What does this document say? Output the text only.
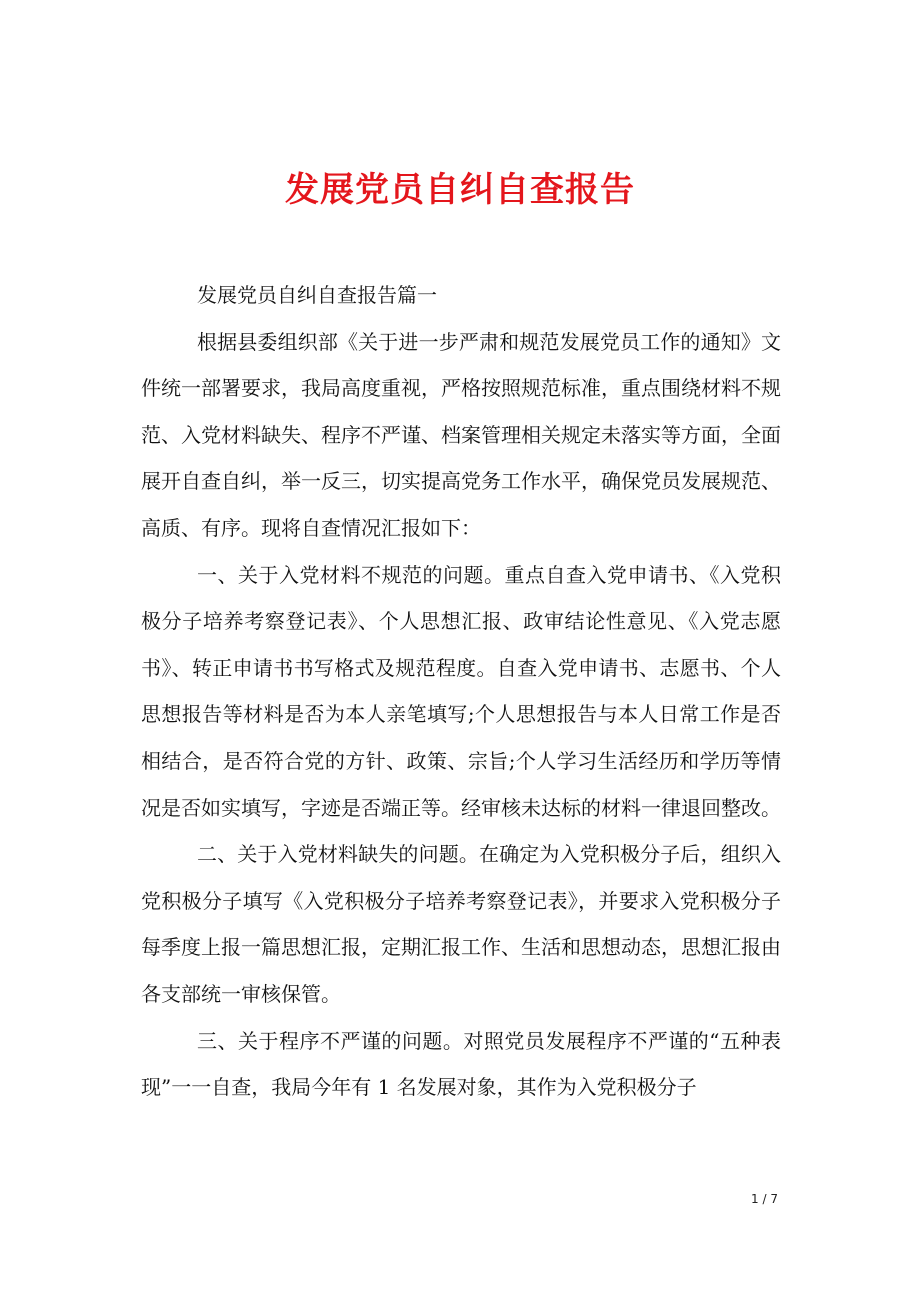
发展党员自纠自查报告

发展党员自纠自查报告篇一

根据县委组织部《关于进一步严肃和规范发展党员工作的通知》文件统一部署要求，我局高度重视，严格按照规范标准，重点围绕材料不规范、入党材料缺失、程序不严谨、档案管理相关规定未落实等方面，全面展开自查自纠，举一反三，切实提高党务工作水平，确保党员发展规范、高质、有序。现将自查情况汇报如下：

一、关于入党材料不规范的问题。重点自查入党申请书、《入党积极分子培养考察登记表》、个人思想汇报、政审结论性意见、《入党志愿书》、转正申请书书写格式及规范程度。自查入党申请书、志愿书、个人思想报告等材料是否为本人亲笔填写;个人思想报告与本人日常工作是否相结合，是否符合党的方针、政策、宗旨;个人学习生活经历和学历等情况是否如实填写，字迹是否端正等。经审核未达标的材料一律退回整改。

二、关于入党材料缺失的问题。在确定为入党积极分子后，组织入党积极分子填写《入党积极分子培养考察登记表》，并要求入党积极分子每季度上报一篇思想汇报，定期汇报工作、生活和思想动态，思想汇报由各支部统一审核保管。

三、关于程序不严谨的问题。对照党员发展程序不严谨的“五种表现”一一自查，我局今年有 1 名发展对象，其作为入党积极分子

1 / 7
